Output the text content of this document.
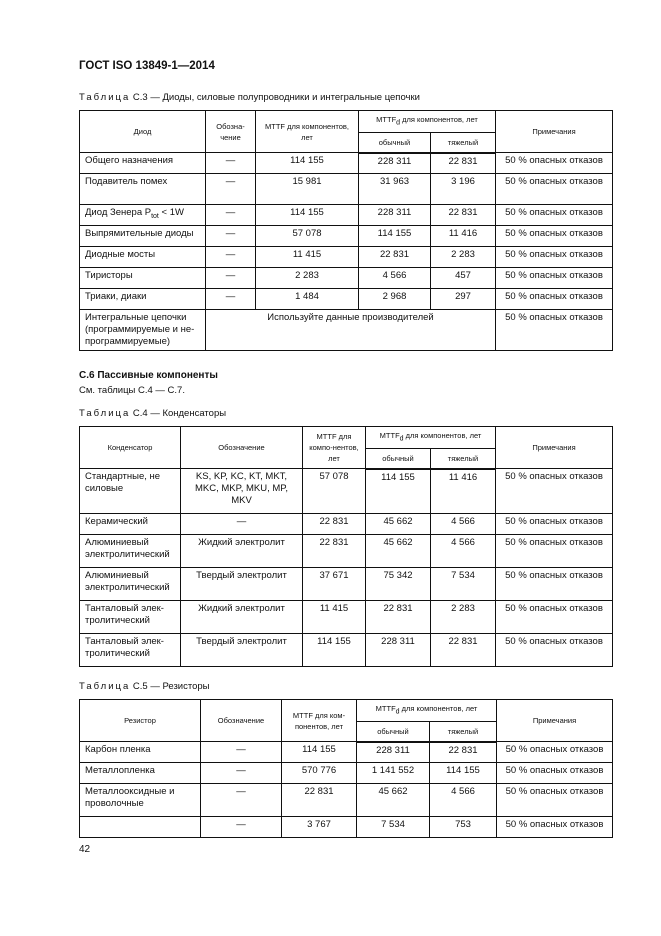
ГОСТ ISO 13849-1—2014
Таблица С.3 — Диоды, силовые полупроводники и интегральные цепочки
Диод	Обозна-чение	MTTF для компонентов, лет	$MTTF_d$ для компонентов, лет		Примечания
			обычный	тяжелый	
Общего назначения	—	114 155	228 311	22 831	50 % опасных отказов
Подавитель помех	—	15 981	31 963	3 196	50 % опасных отказов
Диод Зенера $P_{tot} < 1W$	—	114 155	228 311	22 831	50 % опасных отказов
Выпрямительные диоды	—	57 078	114 155	11 416	50 % опасных отказов
Диодные мосты	—	11 415	22 831	2 283	50 % опасных отказов
Тиристоры	—	2 283	4 566	457	50 % опасных отказов
Триаки, диаки	—	1 484	2 968	297	50 % опасных отказов
Интегральные цепочки (программируемые и не-программируемые)	Используйте данные производителей				50 % опасных отказов
С.6 Пассивные компоненты
См. таблицы С.4 — С.7.
Таблица С.4 — Конденсаторы
Конденсатор	Обозначение	MTTF для компо-нентов, лет	$MTTF_d$ для компонентов, лет		Примечания
			обычный	тяжелый	
Стандартные, не силовые	KS, KP, KC, KT, MKT, MKC, MKP, MKU, MP, MKV	57 078	114 155	11 416	50 % опасных отказов
Керамический	—	22 831	45 662	4 566	50 % опасных отказов
Алюминиевый электролитический	Жидкий электролит	22 831	45 662	4 566	50 % опасных отказов
Алюминиевый электролитический	Твердый электролит	37 671	75 342	7 534	50 % опасных отказов
Танталовый элек-тролитический	Жидкий электролит	11 415	22 831	2 283	50 % опасных отказов
Танталовый элек-тролитический	Твердый электролит	114 155	228 311	22 831	50 % опасных отказов
Таблица С.5 — Резисторы
Резистор	Обозначение	MTTF для ком-понентов, лет	$MTTF_d$ для компонентов, лет		Примечания
			обычный	тяжелый	
Карбон пленка	—	114 155	228 311	22 831	50 % опасных отказов
Металлопленка	—	570 776	1 141 552	114 155	50 % опасных отказов
Металлооксидные и проволочные	—	22 831	45 662	4 566	50 % опасных отказов
	—	3 767	7 534	753	50 % опасных отказов
42
